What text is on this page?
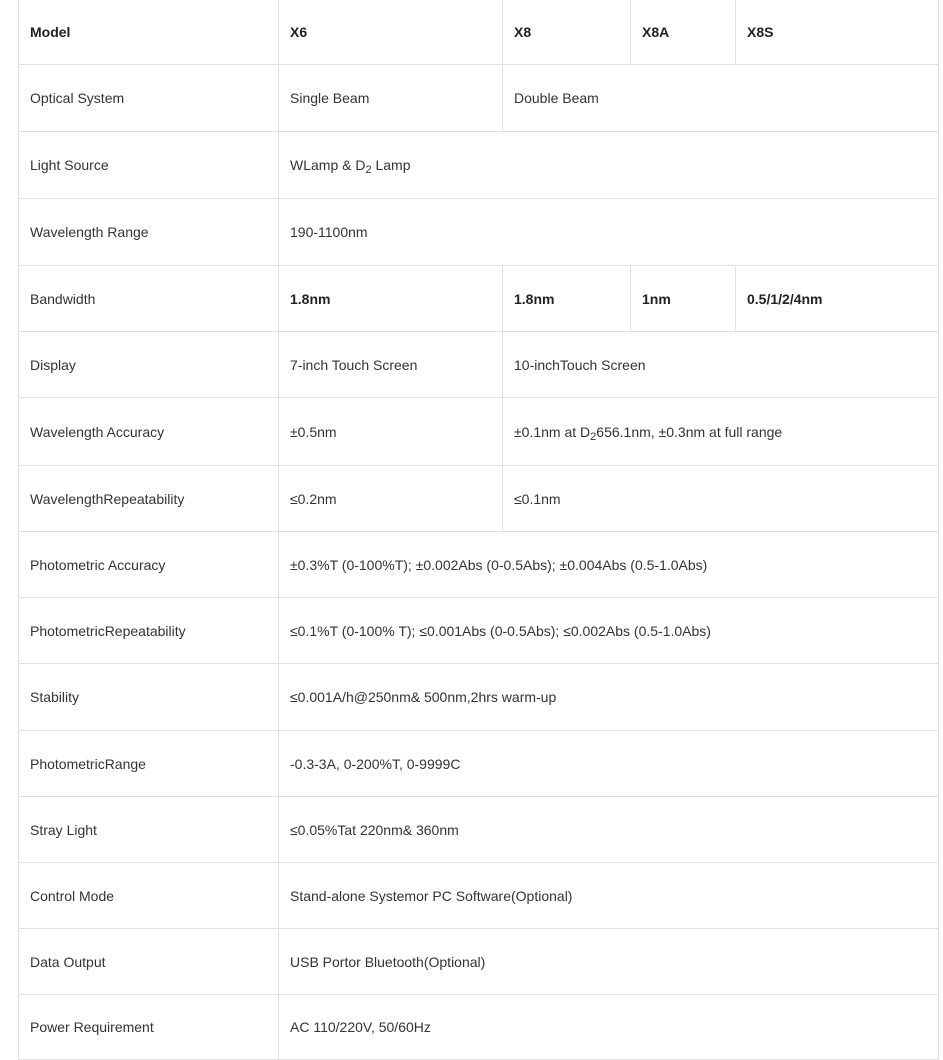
Model	X6	X8	X8A	X8S
Optical System	Single Beam	Double Beam		
Light Source	WLamp & $D_2$ Lamp			
Wavelength Range	190-1100nm			
Bandwidth	1.8nm	1.8nm	1nm	0.5/1/2/4nm
Display	7-inch Touch Screen	10-inchTouch Screen		
Wavelength Accuracy	±0.5nm	±0.1nm at $D_2656.1nm$, ±0.3nm at full range		
WavelengthRepeatability	≤0.2nm	≤0.1nm		
Photometric Accuracy	±0.3%T (0-100%T); ±0.002Abs (0-0.5Abs); ±0.004Abs (0.5-1.0Abs)			
PhotometricRepeatability	≤0.1%T (0-100% T); ≤0.001Abs (0-0.5Abs); ≤0.002Abs (0.5-1.0Abs)			
Stability	≤0.001A/h@250nm& 500nm,2hrs warm-up			
PhotometricRange	-0.3-3A, 0-200%T, 0-9999C			
Stray Light	≤0.05%Tat 220nm& 360nm			
Control Mode	Stand-alone Systemor PC Software(Optional)			
Data Output	USB Portor Bluetooth(Optional)			
Power Requirement	AC 110/220V, 50/60Hz			
